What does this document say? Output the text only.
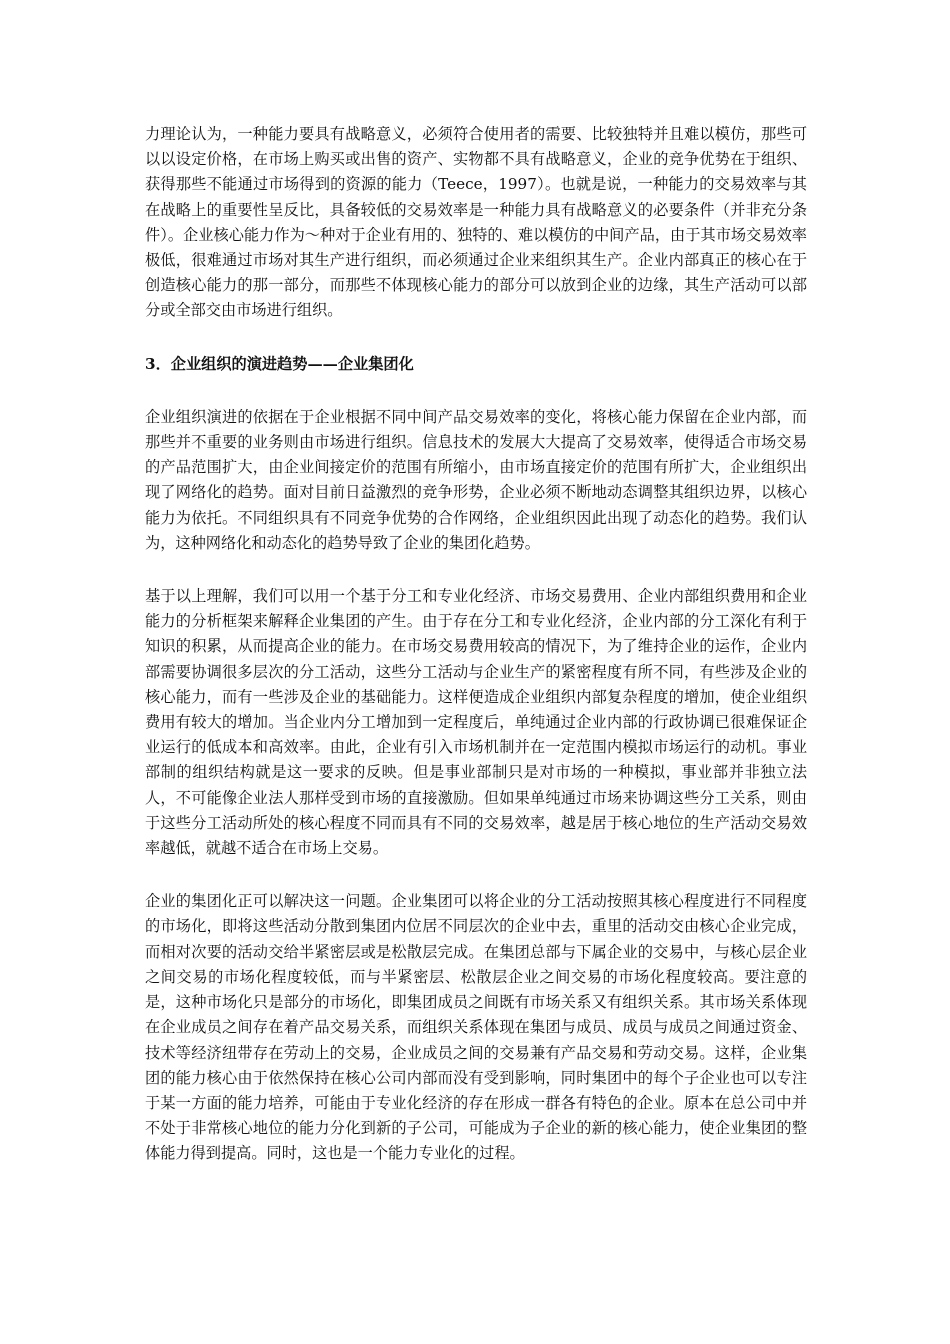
力理论认为，一种能力要具有战略意义，必须符合使用者的需要、比较独特并且难以模仿，那些可以以设定价格，在市场上购买或出售的资产、实物都不具有战略意义，企业的竞争优势在于组织、获得那些不能通过市场得到的资源的能力（Teece，1997）。也就是说，一种能力的交易效率与其在战略上的重要性呈反比，具备较低的交易效率是一种能力具有战略意义的必要条件（并非充分条件）。企业核心能力作为～种对于企业有用的、独特的、难以模仿的中间产品，由于其市场交易效率极低，很难通过市场对其生产进行组织，而必须通过企业来组织其生产。企业内部真正的核心在于创造核心能力的那一部分，而那些不体现核心能力的部分可以放到企业的边缘，其生产活动可以部分或全部交由市场进行组织。

3．企业组织的演进趋势——企业集团化

企业组织演进的依据在于企业根据不同中间产品交易效率的变化，将核心能力保留在企业内部，而那些并不重要的业务则由市场进行组织。信息技术的发展大大提高了交易效率，使得适合市场交易的产品范围扩大，由企业间接定价的范围有所缩小，由市场直接定价的范围有所扩大，企业组织出现了网络化的趋势。面对目前日益激烈的竞争形势，企业必须不断地动态调整其组织边界，以核心能力为依托。不同组织具有不同竞争优势的合作网络，企业组织因此出现了动态化的趋势。我们认为，这种网络化和动态化的趋势导致了企业的集团化趋势。

基于以上理解，我们可以用一个基于分工和专业化经济、市场交易费用、企业内部组织费用和企业能力的分析框架来解释企业集团的产生。由于存在分工和专业化经济，企业内部的分工深化有利于知识的积累，从而提高企业的能力。在市场交易费用较高的情况下，为了维持企业的运作，企业内部需要协调很多层次的分工活动，这些分工活动与企业生产的紧密程度有所不同，有些涉及企业的核心能力，而有一些涉及企业的基础能力。这样便造成企业组织内部复杂程度的增加，使企业组织费用有较大的增加。当企业内分工增加到一定程度后，单纯通过企业内部的行政协调已很难保证企业运行的低成本和高效率。由此，企业有引入市场机制并在一定范围内模拟市场运行的动机。事业部制的组织结构就是这一要求的反映。但是事业部制只是对市场的一种模拟，事业部并非独立法人，不可能像企业法人那样受到市场的直接激励。但如果单纯通过市场来协调这些分工关系，则由于这些分工活动所处的核心程度不同而具有不同的交易效率，越是居于核心地位的生产活动交易效率越低，就越不适合在市场上交易。

企业的集团化正可以解决这一问题。企业集团可以将企业的分工活动按照其核心程度进行不同程度的市场化，即将这些活动分散到集团内位居不同层次的企业中去，重里的活动交由核心企业完成，而相对次要的活动交给半紧密层或是松散层完成。在集团总部与下属企业的交易中，与核心层企业之间交易的市场化程度较低，而与半紧密层、松散层企业之间交易的市场化程度较高。要注意的是，这种市场化只是部分的市场化，即集团成员之间既有市场关系又有组织关系。其市场关系体现在企业成员之间存在着产品交易关系，而组织关系体现在集团与成员、成员与成员之间通过资金、技术等经济纽带存在劳动上的交易，企业成员之间的交易兼有产品交易和劳动交易。这样，企业集团的能力核心由于依然保持在核心公司内部而没有受到影响，同时集团中的每个子企业也可以专注于某一方面的能力培养，可能由于专业化经济的存在形成一群各有特色的企业。原本在总公司中并不处于非常核心地位的能力分化到新的子公司，可能成为子企业的新的核心能力，使企业集团的整体能力得到提高。同时，这也是一个能力专业化的过程。
